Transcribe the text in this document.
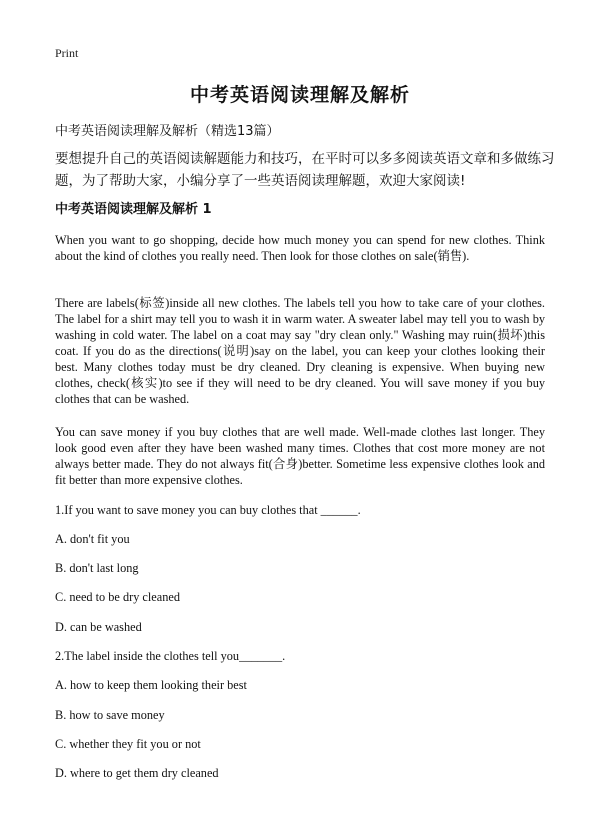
Print
中考英语阅读理解及解析
中考英语阅读理解及解析（精选13篇）
要想提升自己的英语阅读解题能力和技巧，在平时可以多多阅读英语文章和多做练习题，为了帮助大家，小编分享了一些英语阅读理解题，欢迎大家阅读!
中考英语阅读理解及解析 1
When you want to go shopping, decide how much money you can spend for new clothes. Think about the kind of clothes you really need. Then look for those clothes on sale(销售).
There are labels(标签)inside all new clothes. The labels tell you how to take care of your clothes. The label for a shirt may tell you to wash it in warm water. A sweater label may tell you to wash by washing in cold water. The label on a coat may say "dry clean only." Washing may ruin(损坏)this coat. If you do as the directions(说明)say on the label, you can keep your clothes looking their best. Many clothes today must be dry cleaned. Dry cleaning is expensive. When buying new clothes, check(核实)to see if they will need to be dry cleaned. You will save money if you buy clothes that can be washed.
You can save money if you buy clothes that are well made. Well-made clothes last longer. They look good even after they have been washed many times. Clothes that cost more money are not always better made. They do not always fit(合身)better. Sometime less expensive clothes look and fit better than more expensive clothes.
1.If you want to save money you can buy clothes that ______.
A. don't fit you
B. don't last long
C. need to be dry cleaned
D. can be washed
2.The label inside the clothes tell you_______.
A. how to keep them looking their best
B. how to save money
C. whether they fit you or not
D. where to get them dry cleaned
